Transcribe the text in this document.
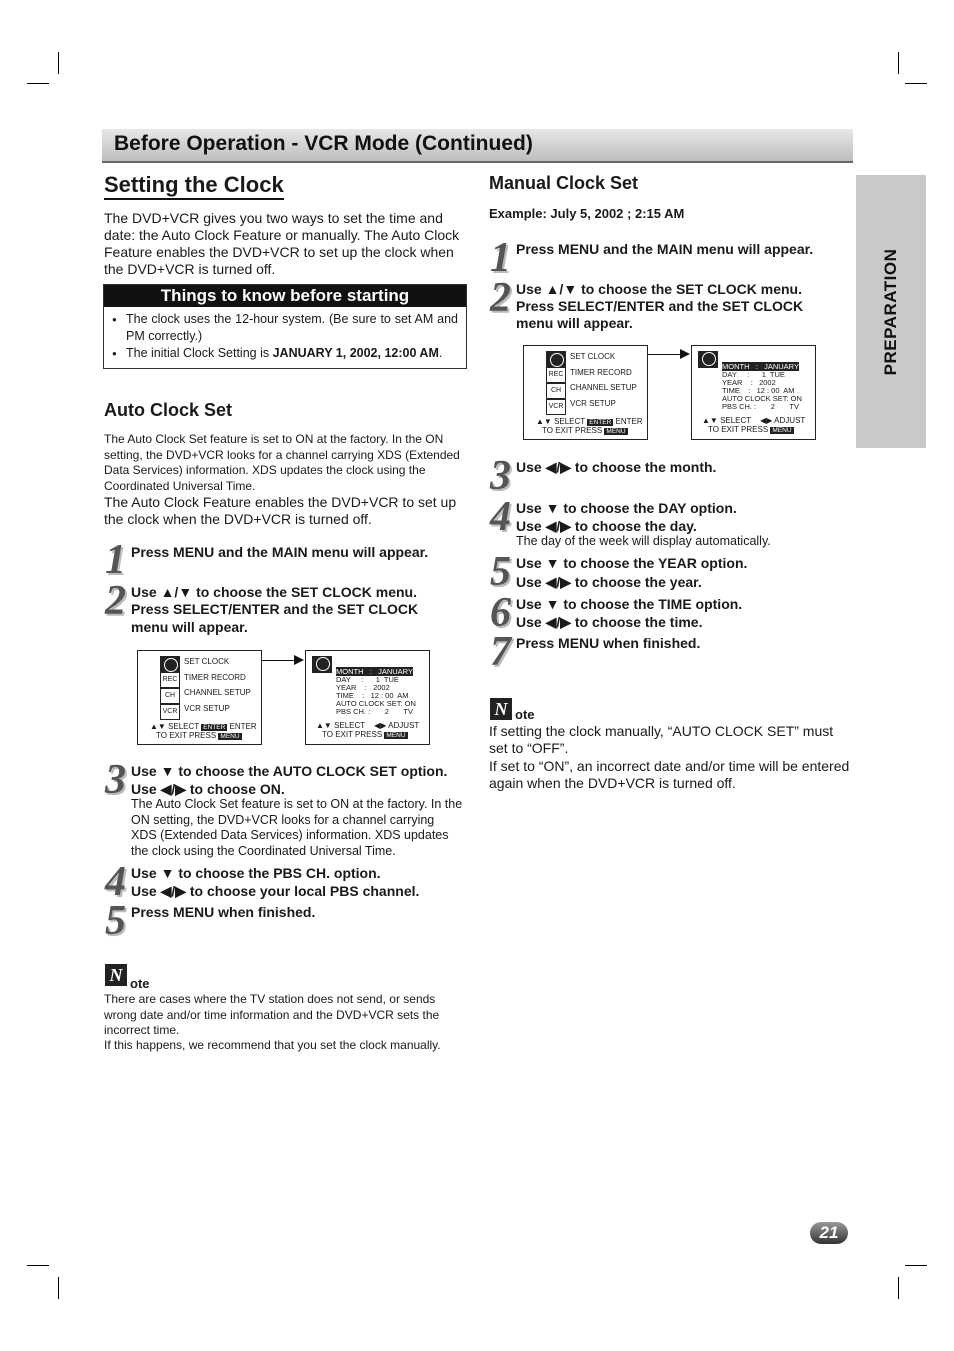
Before Operation - VCR Mode (Continued)
PREPARATION
Setting the Clock
The DVD+VCR gives you two ways to set the time and date: the Auto Clock Feature or manually. The Auto Clock Feature enables the DVD+VCR to set up the clock when the DVD+VCR is turned off.
Things to know before starting
● The clock uses the 12-hour system. (Be sure to set AM and PM correctly.)
● The initial Clock Setting is JANUARY 1, 2002, 12:00 AM.
Auto Clock Set
The Auto Clock Set feature is set to ON at the factory. In the ON setting, the DVD+VCR looks for a channel carrying XDS (Extended Data Services) information. XDS updates the clock using the Coordinated Universal Time.
The Auto Clock Feature enables the DVD+VCR to set up the clock when the DVD+VCR is turned off.
1 Press MENU and the MAIN menu will appear.
2 Use ▲/▼ to choose the SET CLOCK menu.
Press SELECT/ENTER and the SET CLOCK
menu will appear.
SET CLOCK
REC TIMER RECORD
CH	CHANNEL SETUP
VCR VCR SETUP
▲▼ SELECT ENTER ENTER
TO EXIT PRESS MENU
MONTH   :   JANUARY
DAY     :      1  TUE
YEAR    :   2002
TIME    :   12 : 00  AM
AUTO CLOCK SET: ON
PBS CH. :       2       TV
▲▼ SELECT    ◀▶ ADJUST
TO EXIT PRESS MENU
3 Use ▼ to choose the AUTO CLOCK SET option.
Use ◀/▶ to choose ON.
The Auto Clock Set feature is set to ON at the factory. In the ON setting, the DVD+VCR looks for a channel carrying XDS (Extended Data Services) information. XDS updates the clock using the Coordinated Universal Time.
4 Use ▼ to choose the PBS CH. option.
Use ◀/▶ to choose your local PBS channel.
5 Press MENU when finished.
N ote
There are cases where the TV station does not send, or sends wrong date and/or time information and the DVD+VCR sets the incorrect time.
If this happens, we recommend that you set the clock manually.
Manual Clock Set
Example: July 5, 2002 ; 2:15 AM
1 Press MENU and the MAIN menu will appear.
2 Use ▲/▼ to choose the SET CLOCK menu.
Press SELECT/ENTER and the SET CLOCK
menu will appear.
SET CLOCK
REC TIMER RECORD
CH	CHANNEL SETUP
VCR VCR SETUP
▲▼ SELECT ENTER ENTER
TO EXIT PRESS MENU
MONTH   :   JANUARY
DAY     :      1  TUE
YEAR    :   2002
TIME    :   12 : 00  AM
AUTO CLOCK SET: ON
PBS CH. :       2       TV
▲▼ SELECT    ◀▶ ADJUST
TO EXIT PRESS MENU
3 Use ◀/▶ to choose the month.
4 Use ▼ to choose the DAY option.
Use ◀/▶ to choose the day.
The day of the week will display automatically.
5 Use ▼ to choose the YEAR option.
Use ◀/▶ to choose the year.
6 Use ▼ to choose the TIME option.
Use ◀/▶ to choose the time.
7 Press MENU when finished.
N ote
If setting the clock manually, “AUTO CLOCK SET” must set to “OFF”.
If set to “ON”, an incorrect date and/or time will be entered again when the DVD+VCR is turned off.
21
